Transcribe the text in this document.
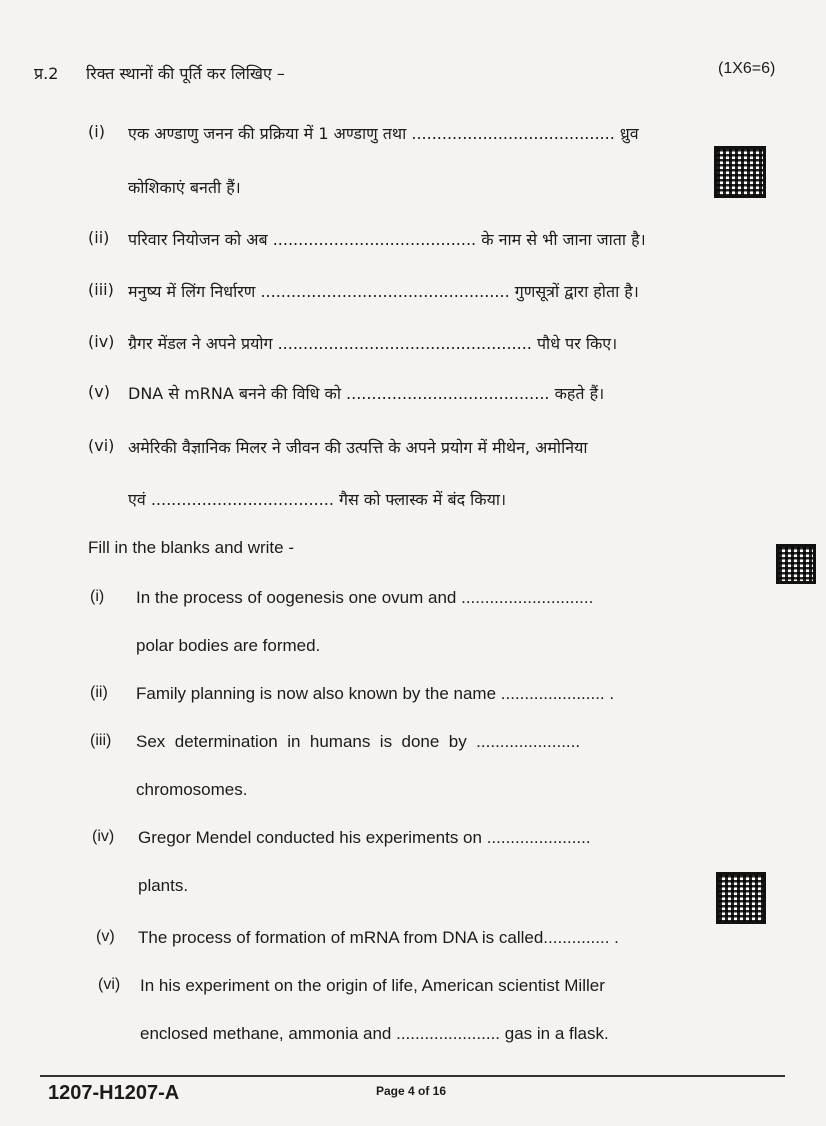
प्र.2 रिक्त स्थानों की पूर्ति कर लिखिए –	(1X6=6)
(i) एक अण्डाणु जनन की प्रक्रिया में 1 अण्डाणु तथा ........................................ ध्रुव
कोशिकाएं बनती हैं।
(ii) परिवार नियोजन को अब ........................................ के नाम से भी जाना जाता है।
(iii) मनुष्य में लिंग निर्धारण ................................................. गुणसूत्रों द्वारा होता है।
(iv) ग्रैगर मेंडल ने अपने प्रयोग .................................................. पौधे पर किए।
(v) DNA से mRNA बनने की विधि को ........................................ कहते हैं।
(vi) अमेरिकी वैज्ञानिक मिलर ने जीवन की उत्पत्ति के अपने प्रयोग में मीथेन, अमोनिया
एवं .................................... गैस को फ्लास्क में बंद किया।
Fill in the blanks and write -
(i) In the process of oogenesis one ovum and ............................
polar bodies are formed.
(ii) Family planning is now also known by the name ...................... .
(iii) Sex  determination  in  humans  is  done  by  ......................
chromosomes.
(iv) Gregor Mendel conducted his experiments on ......................
plants.
(v) The process of formation of mRNA from DNA is called.............. .
(vi) In his experiment on the origin of life, American scientist Miller
enclosed methane, ammonia and ...................... gas in a flask.
1207-H1207-A	Page 4 of 16
